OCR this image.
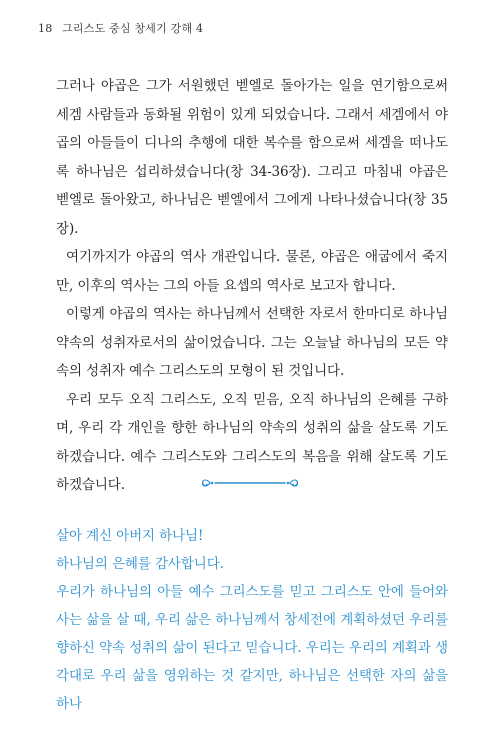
18 그리스도 중심 창세기 강해 4

그러나 야곱은 그가 서원했던 벧엘로 돌아가는 일을 연기함으로써 세겜 사람들과 동화될 위험이 있게 되었습니다. 그래서 세겜에서 야곱의 아들들이 디나의 추행에 대한 복수를 함으로써 세겜을 떠나도록 하나님은 섭리하셨습니다(창 34-36장). 그리고 마침내 야곱은 벧엘로 돌아왔고, 하나님은 벧엘에서 그에게 나타나셨습니다(창 35장).

여기까지가 야곱의 역사 개관입니다. 물론, 야곱은 애굽에서 죽지만, 이후의 역사는 그의 아들 요셉의 역사로 보고자 합니다.

이렇게 야곱의 역사는 하나님께서 선택한 자로서 한마디로 하나님 약속의 성취자로서의 삶이었습니다. 그는 오늘날 하나님의 모든 약속의 성취자 예수 그리스도의 모형이 된 것입니다.

우리 모두 오직 그리스도, 오직 믿음, 오직 하나님의 은혜를 구하며, 우리 각 개인을 향한 하나님의 약속의 성취의 삶을 살도록 기도하겠습니다. 예수 그리스도와 그리스도의 복음을 위해 살도록 기도하겠습니다.

살아 계신 아버지 하나님!

하나님의 은혜를 감사합니다.

우리가 하나님의 아들 예수 그리스도를 믿고 그리스도 안에 들어와 사는 삶을 살 때, 우리 삶은 하나님께서 창세전에 계획하셨던 우리를 향하신 약속 성취의 삶이 된다고 믿습니다. 우리는 우리의 계획과 생각대로 우리 삶을 영위하는 것 같지만, 하나님은 선택한 자의 삶을 하나
